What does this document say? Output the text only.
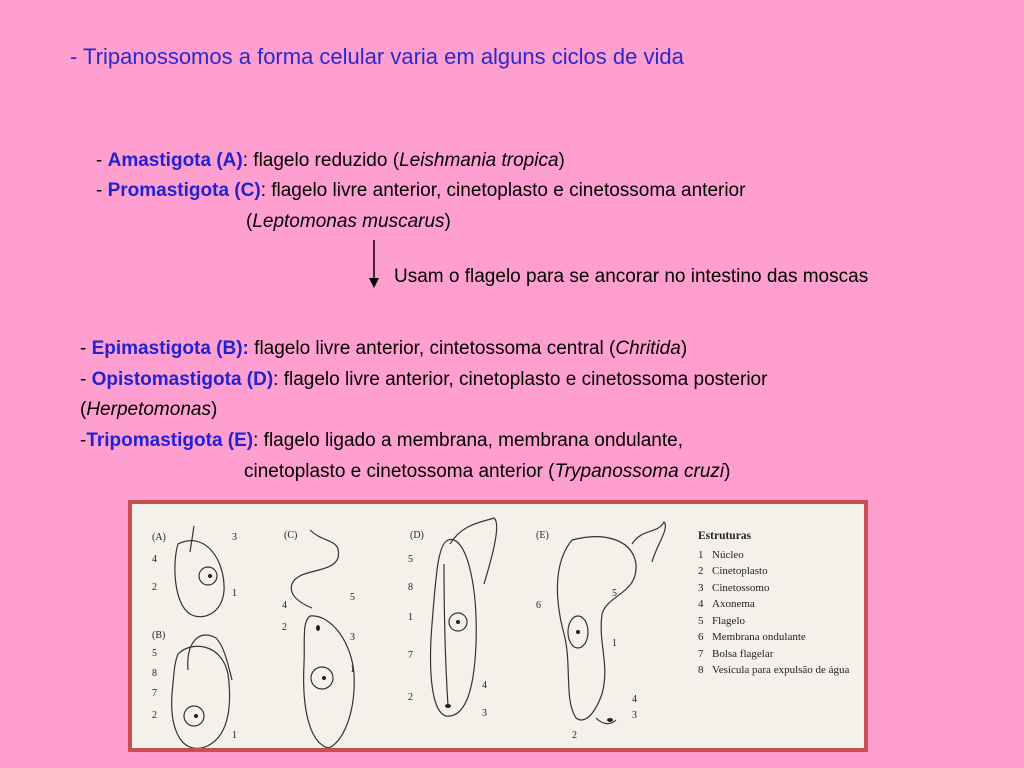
- Tripanossomos a forma celular varia em alguns ciclos de vida
- Amastigota (A): flagelo reduzido (Leishmania tropica)
- Promastigota (C): flagelo livre anterior, cinetoplasto e cinetossoma anterior
(Leptomonas muscarus)
Usam o flagelo para se ancorar no intestino das moscas
- Epimastigota (B): flagelo livre anterior, cintetossoma central (Chritida)
- Opistomastigota (D): flagelo livre anterior, cinetoplasto e cinetossoma posterior
(Herpetomonas)
-Tripomastigota (E): flagelo ligado a membrana, membrana ondulante,
cinetoplasto e cinetossoma anterior (Trypanossoma cruzi)
(A)
(B)
(C)	(D)	(E)
3
4
2
1
5
8
7
2
1
5
4
2
3
1
5
8
1
7
2
4
3
6
5
1
4
3
2
Estruturas
1 Núcleo
2 Cinetoplasto
3 Cinetossomo
4 Axonema
5 Flagelo
6 Membrana ondulante
7 Bolsa flagelar
8 Vesícula para expulsão de água
